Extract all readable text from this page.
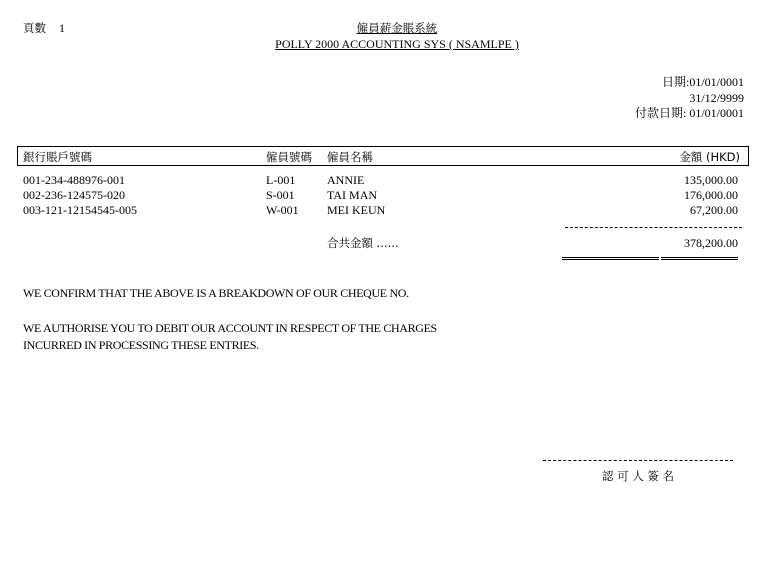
頁數 1	僱員薪金賬系統
POLLY 2000 ACCOUNTING SYS ( NSAMLPE )
日期:01/01/0001
31/12/9999
付款日期: 01/01/0001
銀行賬戶號碼	僱員號碼 僱員名稱	金額 (HKD)
001-234-488976-001	L-001	ANNIE	135,000.00
002-236-124575-020	S-001	TAI MAN	176,000.00
003-121-12154545-005	W-001 MEI KEUN	67,200.00
合共金額 ......	378,200.00
WE CONFIRM THAT THE ABOVE IS A BREAKDOWN OF OUR CHEQUE NO.
WE AUTHORISE YOU TO DEBIT OUR ACCOUNT IN RESPECT OF THE CHARGES
INCURRED IN PROCESSING THESE ENTRIES.
認 可 人 簽 名
